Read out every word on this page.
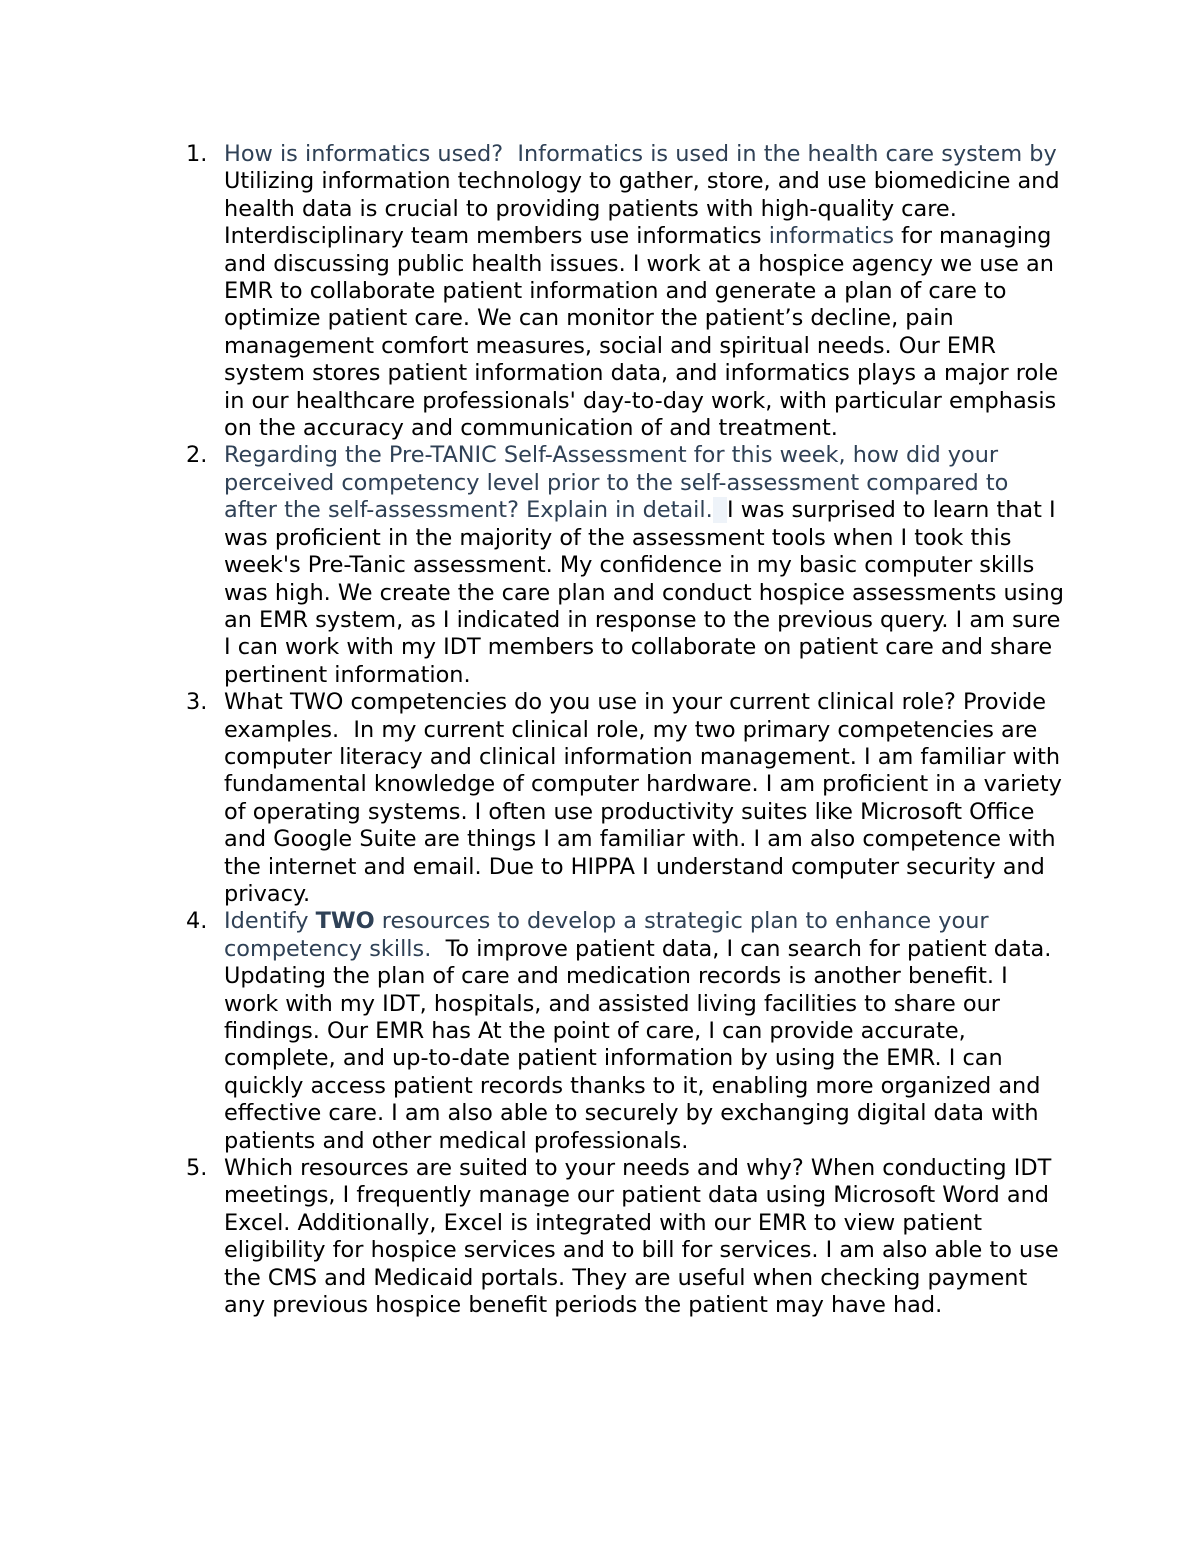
1. How is informatics used? Informatics is used in the health care system by Utilizing information technology to gather, store, and use biomedicine and health data is crucial to providing patients with high-quality care. Interdisciplinary team members use informatics informatics for managing and discussing public health issues. I work at a hospice agency we use an EMR to collaborate patient information and generate a plan of care to optimize patient care. We can monitor the patient’s decline, pain management comfort measures, social and spiritual needs. Our EMR system stores patient information data, and informatics plays a major role in our healthcare professionals' day-to-day work, with particular emphasis on the accuracy and communication of and treatment.
2. Regarding the Pre-TANIC Self-Assessment for this week, how did your perceived competency level prior to the self-assessment compared to after the self-assessment? Explain in detail. I was surprised to learn that I was proficient in the majority of the assessment tools when I took this week's Pre-Tanic assessment. My confidence in my basic computer skills was high. We create the care plan and conduct hospice assessments using an EMR system, as I indicated in response to the previous query. I am sure I can work with my IDT members to collaborate on patient care and share pertinent information.
3. What TWO competencies do you use in your current clinical role? Provide examples. In my current clinical role, my two primary competencies are computer literacy and clinical information management. I am familiar with fundamental knowledge of computer hardware. I am proficient in a variety of operating systems. I often use productivity suites like Microsoft Office and Google Suite are things I am familiar with. I am also competence with the internet and email. Due to HIPPA I understand computer security and privacy.
4. Identify TWO resources to develop a strategic plan to enhance your competency skills. To improve patient data, I can search for patient data. Updating the plan of care and medication records is another benefit. I work with my IDT, hospitals, and assisted living facilities to share our findings. Our EMR has At the point of care, I can provide accurate, complete, and up-to-date patient information by using the EMR. I can quickly access patient records thanks to it, enabling more organized and effective care. I am also able to securely by exchanging digital data with patients and other medical professionals.
5. Which resources are suited to your needs and why? When conducting IDT meetings, I frequently manage our patient data using Microsoft Word and Excel. Additionally, Excel is integrated with our EMR to view patient eligibility for hospice services and to bill for services. I am also able to use the CMS and Medicaid portals. They are useful when checking payment any previous hospice benefit periods the patient may have had.
